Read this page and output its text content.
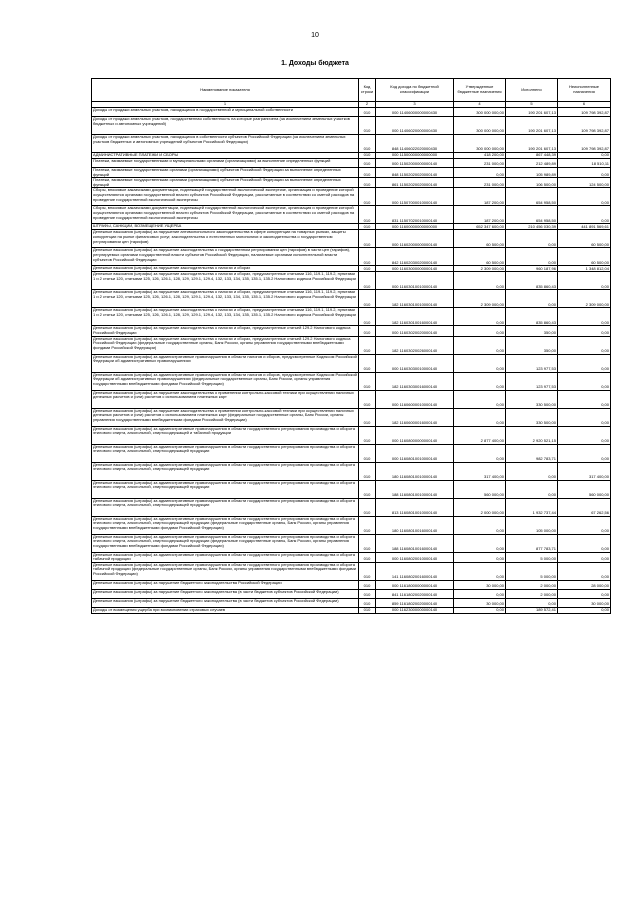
10
1. Доходы бюджета
Наименование показателя	Код строки	Код дохода по бюджетной классификации	Утвержденные бюджетные назначения	Исполнено	Неисполненные назначения
1	2	3	4	5	6
Доходы от продажи земельных участков, находящихся в государственной и муниципальной собственности	010	000 11406000000000430	300 000 000,00	190 201 607,13	109 798 392,87
Доходы от продажи земельных участков, государственная собственность на которые разграничена (за исключением земельных участков бюджетных и автономных учреждений)	010	000 11406020000000430	300 000 000,00	190 201 607,13	109 798 392,87
Доходы от продажи земельных участков, находящихся в собственности субъектов Российской Федерации (за исключением земельных участков бюджетных и автономных учреждений субъектов Российской Федерации)	010	848 11406022020000430	300 000 000,00	190 201 607,13	109 798 392,87
АДМИНИСТРАТИВНЫЕ ПЛАТЕЖИ И СБОРЫ	010	000 11500000000000000	418 200,00	867 448,39	0,00
Платежи, взимаемые государственными и муниципальными органами (организациями) за выполнение определенных функций	010	000 11502000000000140	231 000,00	212 489,89	18 510,11
Платежи, взимаемые государственными органами (организациями) субъектов Российской Федерации за выполнение определенных функций	010	848 11502020020000140	0,00	105 989,89	0,00
Платежи, взимаемые государственными органами (организациями) субъектов Российской Федерации за выполнение определенных функций	010	861 11502020020000140	231 000,00	106 500,00	124 500,00
Сборы, вносимые заказчиками документации, подлежащей государственной экологической экспертизе, организация и проведение которой осуществляются органами государственной власти субъектов Российской Федерации, рассчитанные в соответствии со сметой расходов на проведение государственной экологической экспертизы	010	000 11507000010000140	187 200,00	654 958,50	0,00
Сборы, вносимые заказчиками документации, подлежащей государственной экологической экспертизе, организация и проведение которой осуществляются органами государственной власти субъектов Российской Федерации, рассчитанные в соответствии со сметой расходов на проведение государственной экологической экспертизы	010	831 11507020010000140	187 200,00	654 958,50	0,00
ШТРАФЫ, САНКЦИИ, ВОЗМЕЩЕНИЕ УЩЕРБА	010	000 11600000000000000	652 347 600,00	210 456 030,39	441 891 569,61
Денежные взыскания (штрафы) за нарушение антимонопольного законодательства в сфере конкуренции на товарных рынках, защиты конкуренции на рынке финансовых услуг, законодательства о естественных монополиях и законодательства о государственном регулировании цен (тарифов)	010	000 11602000000000140	60 500,00	0,00	60 500,00
Денежные взыскания (штрафы) за нарушение законодательства о государственном регулировании цен (тарифов) в части цен (тарифов), регулируемых органами государственной власти субъектов Российской Федерации, налагаемые органами исполнительной власти субъектов Российской Федерации	010	842 11602030020000140	60 500,00	0,00	60 500,00
Денежные взыскания (штрафы) за нарушение законодательства о налогах и сборах	010	000 11603000000000140	2 309 000,00	960 187,96	1 348 812,04
Денежные взыскания (штрафы) за нарушение законодательства о налогах и сборах, предусмотренные статьями 116, 119.1, 119.2, пунктами 1 и 2 статьи 120, статьями 125, 126, 126.1, 128, 129, 129.1, 129.4, 132, 133, 134, 135, 135.1, 135.2 Налогового кодекса Российской Федерации	010	000 11603010010000140	0,00	835 860,43	0,00
Денежные взыскания (штрафы) за нарушение законодательства о налогах и сборах, предусмотренные статьями 116, 119.1, 119.2, пунктами 1 и 2 статьи 120, статьями 125, 126, 126.1, 128, 129, 129.1, 129.4, 132, 133, 134, 135, 135.1, 135.2 Налогового кодекса Российской Федерации	010	182 11603010010000140	2 309 000,00	0,00	2 309 000,00
Денежные взыскания (штрафы) за нарушение законодательства о налогах и сборах, предусмотренные статьями 116, 119.1, 119.2, пунктами 1 и 2 статьи 120, статьями 125, 126, 126.1, 128, 129, 129.1, 129.4, 132, 133, 134, 135, 135.1, 135.2 Налогового кодекса Российской Федерации	010	182 11603010016000140	0,00	835 860,43	0,00
Денежные взыскания (штрафы) за нарушение законодательства о налогах и сборах, предусмотренные статьей 129.2 Налогового кодекса Российской Федерации	010	000 11603020020000140	0,00	350,00	0,00
Денежные взыскания (штрафы) за нарушение законодательства о налогах и сборах, предусмотренные статьей 129.2 Налогового кодекса Российской Федерации (федеральные государственные органы, Банк России, органы управления государственными внебюджетными фондами Российской Федерации)	010	182 11603020026000140	0,00	350,00	0,00
Денежные взыскания (штрафы) за административные правонарушения в области налогов и сборов, предусмотренные Кодексом Российской Федерации об административных правонарушениях	010	000 11603030010000140	0,00	123 977,53	0,00
Денежные взыскания (штрафы) за административные правонарушения в области налогов и сборов, предусмотренные Кодексом Российской Федерации об административных правонарушениях (федеральные государственные органы, Банк России, органы управления государственными внебюджетными фондами Российской Федерации)	010	182 11603030016000140	0,00	123 977,53	0,00
Денежные взыскания (штрафы) за нарушение законодательства о применении контрольно-кассовой техники при осуществлении наличных денежных расчетов и (или) расчетов с использованием платежных карт	010	000 11606000010000140	0,00	330 500,00	0,00
Денежные взыскания (штрафы) за нарушение законодательства о применении контрольно-кассовой техники при осуществлении наличных денежных расчетов и (или) расчетов с использованием платежных карт (федеральные государственные органы, Банк России, органы управления государственными внебюджетными фондами Российской Федерации)	010	182 11606000016000140	0,00	330 500,00	0,00
Денежные взыскания (штрафы) за административные правонарушения в области государственного регулирования производства и оборота этилового спирта, алкогольной, спиртосодержащей и табачной продукции	010	000 11608000000000140	2 877 400,00	2 920 521,15	0,00
Денежные взыскания (штрафы) за административные правонарушения в области государственного регулирования производства и оборота этилового спирта, алкогольной, спиртосодержащей продукции	010	000 11608010010000140	0,00	982 783,71	0,00
Денежные взыскания (штрафы) за административные правонарушения в области государственного регулирования производства и оборота этилового спирта, алкогольной, спиртосодержащей продукции	010	180 11608010010000140	317 400,00	0,00	317 400,00
Денежные взыскания (штрафы) за административные правонарушения в области государственного регулирования производства и оборота этилового спирта, алкогольной, спиртосодержащей продукции	010	188 11608010010000140	560 000,00	0,00	560 000,00
Денежные взыскания (штрафы) за административные правонарушения в области государственного регулирования производства и оборота этилового спирта, алкогольной, спиртосодержащей продукции	010	813 11608010010000140	2 000 000,00	1 932 737,44	67 262,56
Денежные взыскания (штрафы) за административные правонарушения в области государственного регулирования производства и оборота этилового спирта, алкогольной, спиртосодержащей продукции (федеральные государственные органы, Банк России, органы управления государственными внебюджетными фондами Российской Федерации)	010	180 11608010016000140	0,00	105 000,00	0,00
Денежные взыскания (штрафы) за административные правонарушения в области государственного регулирования производства и оборота этилового спирта, алкогольной, спиртосодержащей продукции (федеральные государственные органы, Банк России, органы управления государственными внебюджетными фондами Российской Федерации)	010	188 11608010016000140	0,00	877 783,71	0,00
Денежные взыскания (штрафы) за административные правонарушения в области государственного регулирования производства и оборота табачной продукции	010	000 11608020010000140	0,00	5 000,00	0,00
Денежные взыскания (штрафы) за административные правонарушения в области государственного регулирования производства и оборота табачной продукции (федеральные государственные органы, Банк России, органы управления государственными внебюджетными фондами Российской Федерации)	010	141 11608020016000140	0,00	5 000,00	0,00
Денежные взыскания (штрафы) за нарушение бюджетного законодательства Российской Федерации	010	000 11618000000000140	30 000,00	2 000,00	28 000,00
Денежные взыскания (штрафы) за нарушение бюджетного законодательства (в части бюджетов субъектов Российской Федерации)	010	841 11618020020000140	0,00	2 000,00	0,00
Денежные взыскания (штрафы) за нарушение бюджетного законодательства (в части бюджетов субъектов Российской Федерации)	010	859 11618020020000140	30 000,00	0,00	30 000,00
Доходы от возмещения ущерба при возникновении страховых случаев	010	000 11623000000000140	0,00	189 572,41	0,00
